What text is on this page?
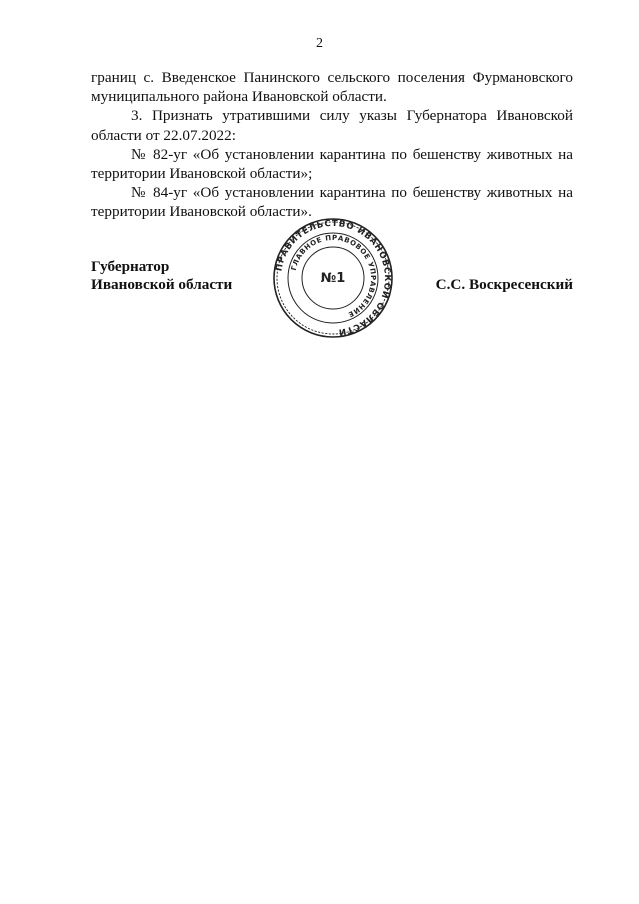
2

границ с. Введенское Панинского сельского поселения Фурмановского муниципального района Ивановской области.

3. Признать утратившими силу указы Губернатора Ивановской области от 22.07.2022:

№ 82-уг «Об установлении карантина по бешенству животных на территории Ивановской области»;

№ 84-уг «Об установлении карантина по бешенству животных на территории Ивановской области».

Губернатор
Ивановской области	С.С. Воскресенский
ПРАВИТЕЛЬСТВО ИВАНОВСКОЙ ОБЛАСТИ
ГЛАВНОЕ ПРАВОВОЕ УПРАВЛЕНИЕ
№1
